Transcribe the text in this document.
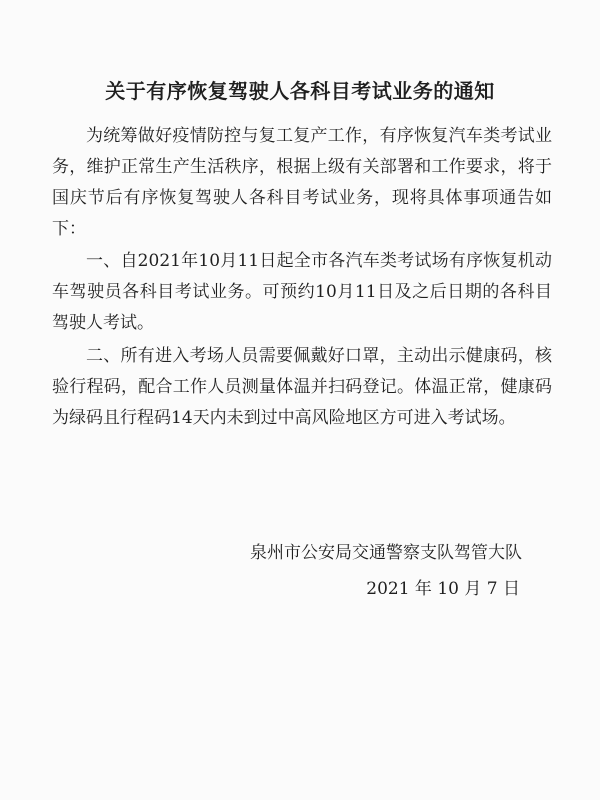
关于有序恢复驾驶人各科目考试业务的通知

为统筹做好疫情防控与复工复产工作，有序恢复汽车类考试业务，维护正常生产生活秩序，根据上级有关部署和工作要求，将于国庆节后有序恢复驾驶人各科目考试业务，现将具体事项通告如下：

一、自2021年10月11日起全市各汽车类考试场有序恢复机动车驾驶员各科目考试业务。可预约10月11日及之后日期的各科目驾驶人考试。

二、所有进入考场人员需要佩戴好口罩，主动出示健康码，核验行程码，配合工作人员测量体温并扫码登记。体温正常，健康码为绿码且行程码14天内未到过中高风险地区方可进入考试场。

泉州市公安局交通警察支队驾管大队
2021 年 10 月 7 日
